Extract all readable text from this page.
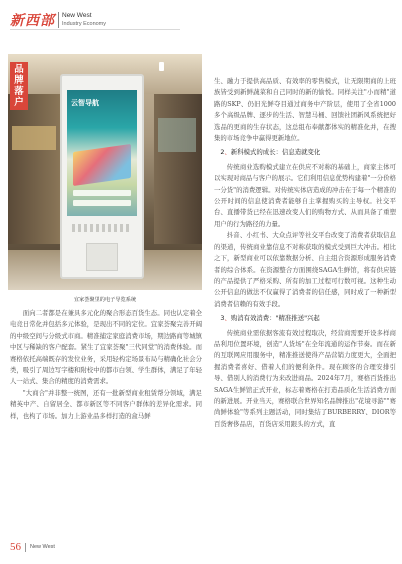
新西部 New West
Industry Economy
云智导航
品牌落户
宜家荟聚里的电子导览系统

面向二者都是在兼具多元化的聚合形态百货生态。同也认定着全电竞日常化并包括多元体验，是现出不同的定位。宜家荟聚完善开阔的中级空间与分级式市商。精准捕定家庭消费市场，期边路商等城镇中区与稀缺的客户配套。紧生了宜家荟聚"三代同堂"的消费体验。而赛格依托高端既存的发位业务，采用轻构定场景布局与精确化社会分类，吸引了周边写字楼和附校中的都市白领、学生群体，满足了年轻人一站式、集合的精度的消费需求。

"大商合"并非整一统图，还有一批新型商业租赁帮分领域，满足精英中产、自留居全、都市新区等不同客户群体的差异化需求。同样，也构了市场。加力上游业品多样打造的盒马鲜

生、融力于提供高品质、有效率的零售模式，让无限期商的上班族皆受到新鲜蔬菜和自己同时的新的愉悦。同样关注"小而精"道路的SKP、仍旧光鲜夺目通过商务中产阶层，使用了全省1000多个高级品牌、逐步的生活、智慧马桶、回馈社团新风系统把好选品的更商的生存状态，这总组布奉献都体实的精准化并，在搜集的市场竞争中赢得更新地位。

2、新科模式的成长：信息造就变化

传统商业选购模式建立在供应不对称的基础上，商家主体可以实现对商品与客户的展示。它们利用信息优势构建着"一分价格一分货"的消费逻辑。对传统实体店造成的冲击在于每一个精准的公开时间的信息使消费者能够自主掌握购买的主导权。社交平台、直播带货已经在迅速改变人们的购物方式、从而具备了重塑用户的行为路径的力量。

抖音、小红书、大众点评等社交平台改变了消费者获取信息的渠道，传统商业靠信息不对称获取的模式受到巨大冲击。相比之下，新型商业可以依靠数据分析、自主组合资源形成服务消费者的综合体系。在资源整合方面围绕SAGA生鲜馆，将有供应链的产品提供了严格采购、所有的加工过程可行数可视。这种生动公开信息的做法不仅赢得了消费者的信任感，同时成了一种新型消费者信赖的有效手段。

3、购消有效消费："精准推送"兴起

传统商业需依据客流有效过程取决，经营商需要开设多样商品利用位置环境，创造"人货场"在全年流通的运作节奏。而在新的互联网应用服务中，精准推送使得产品营销力度更大，全面把握消费者喜好、借着人们的便利条件。现在顾客的合理安排引导、借别人的消费行为来改进商品。2024年7月，赛格百货推出SAGA生鲜馆正式开业，标志着赛格在打造品质化生活消费方面的新进展。开业当天，赛格联合世界知名品牌推出"花境寻游""赛尚鲜体验"等系列主题活动，同时集结了BURBERRY、DIOR等百货奢侈品店，百货店采用跟头的方式，直

56 New West
